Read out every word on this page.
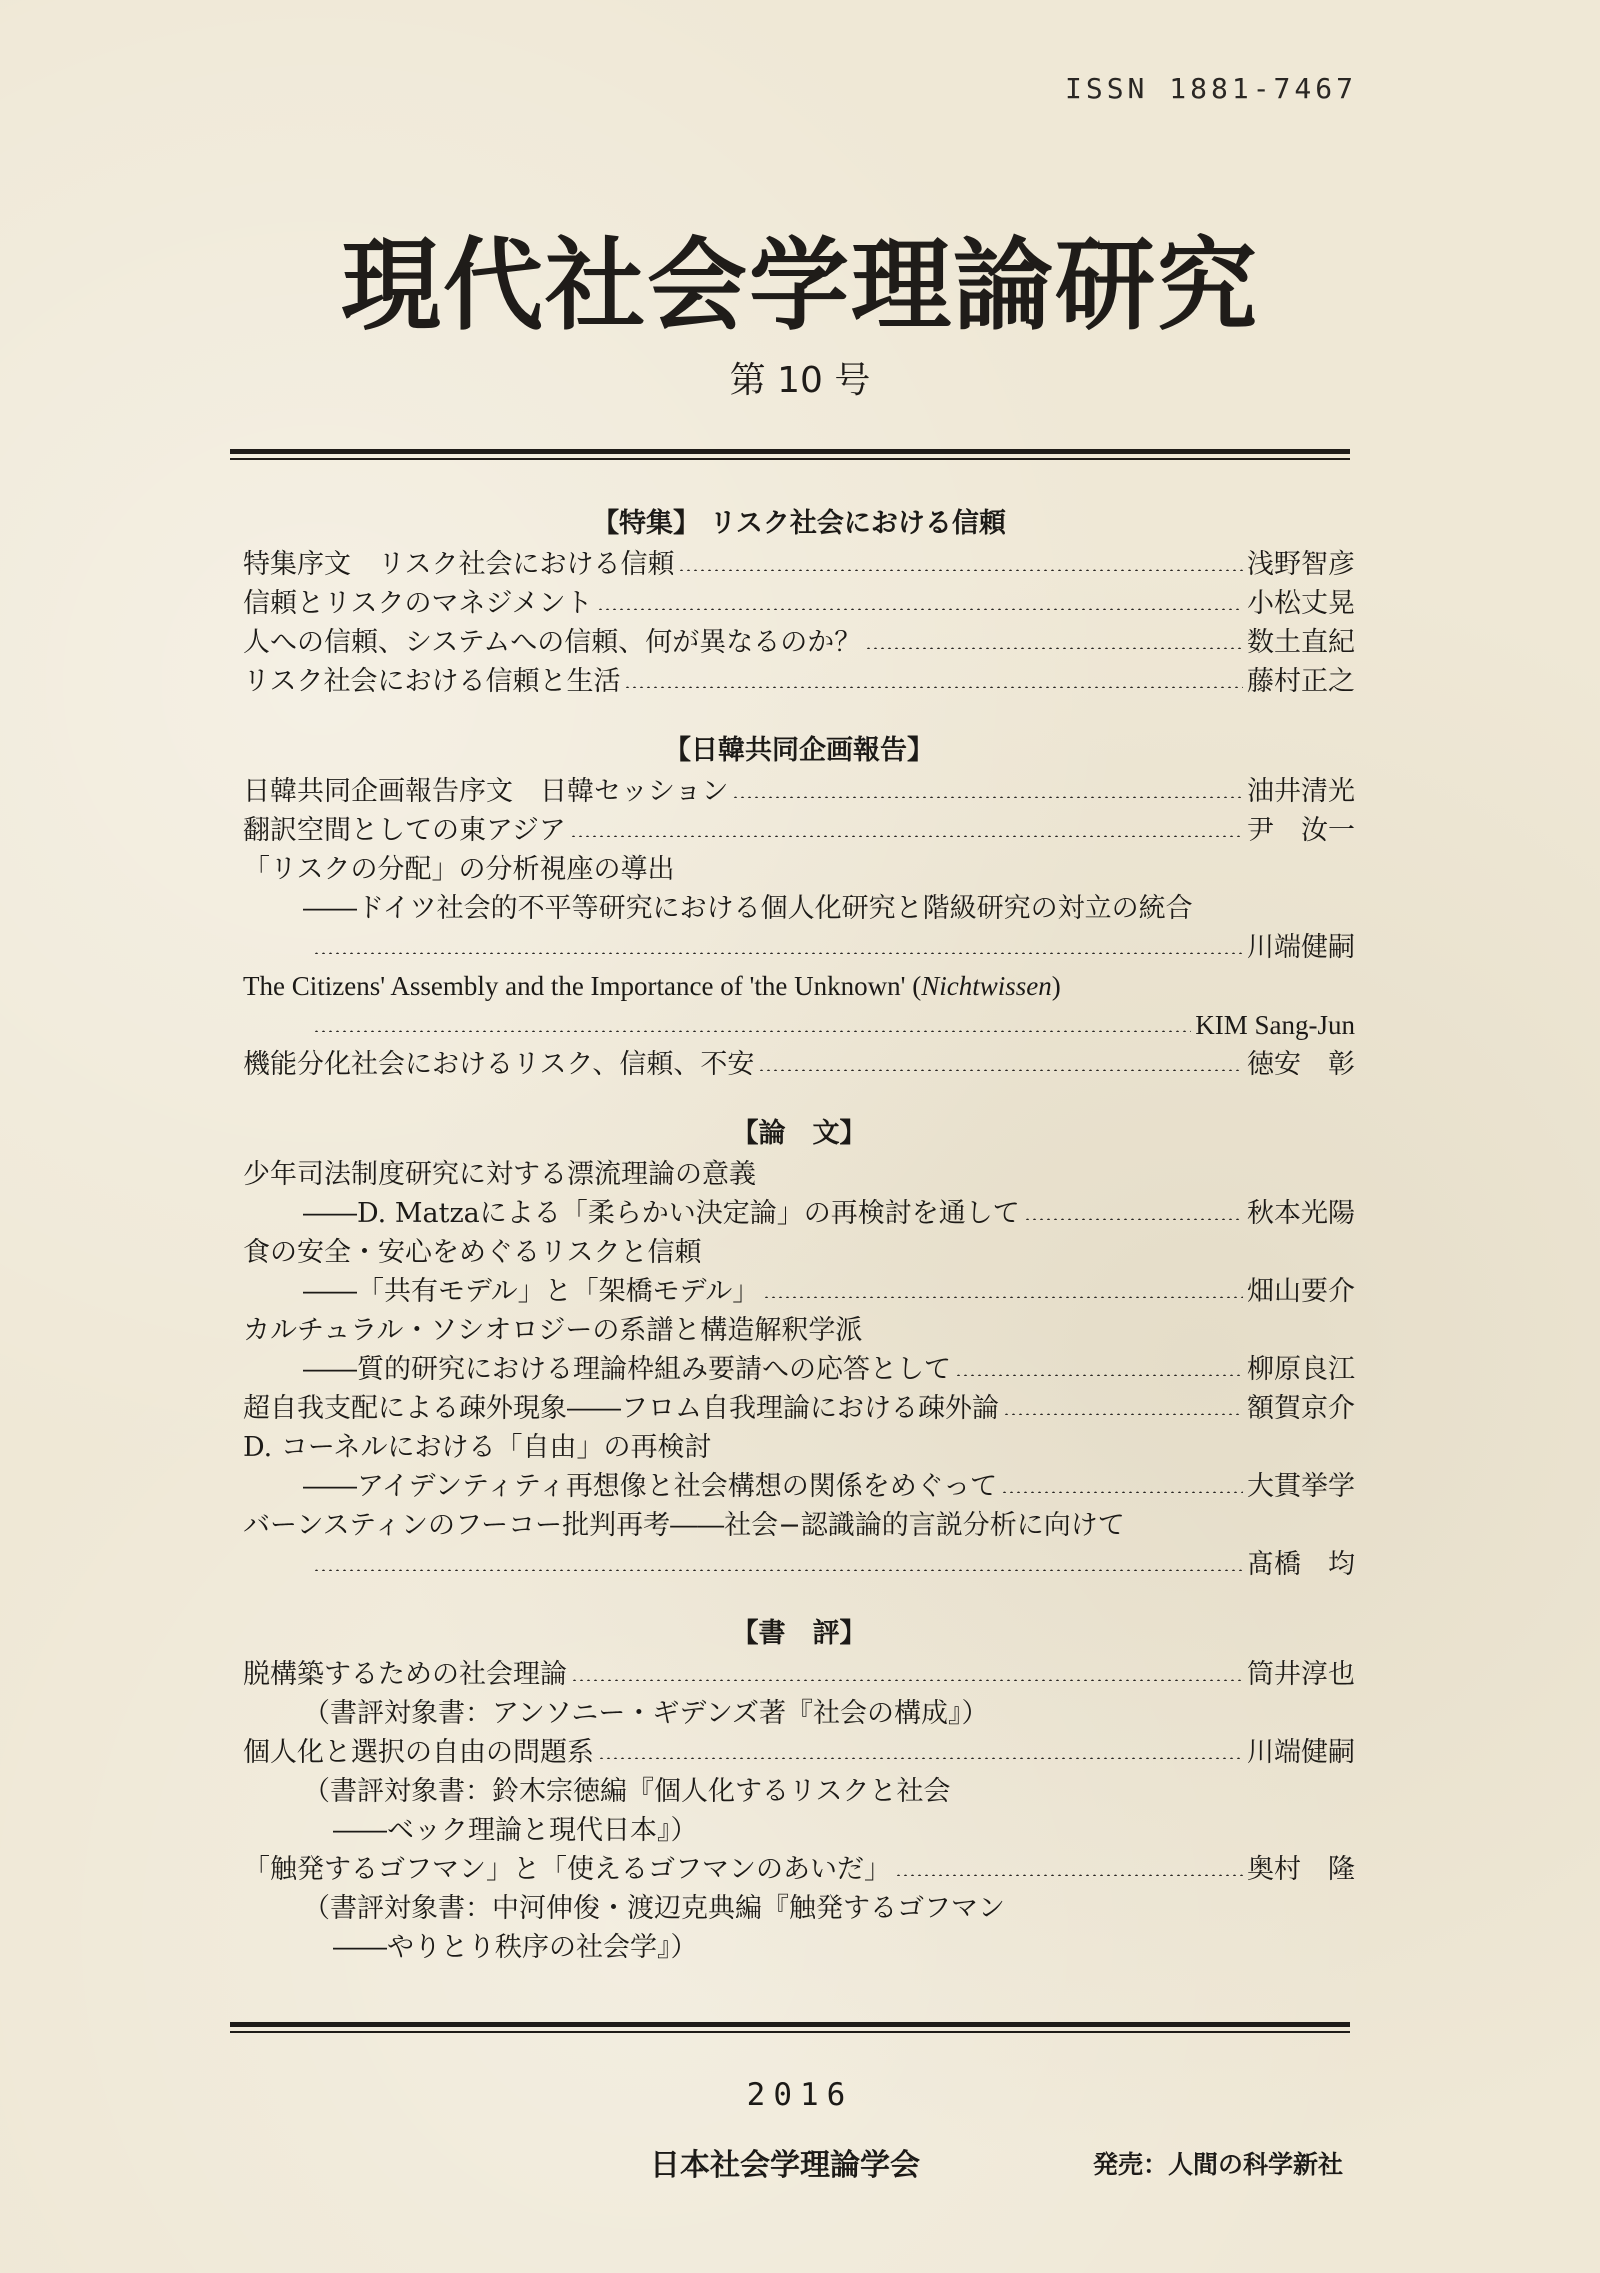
ISSN 1881-7467
現代社会学理論研究
第 10 号
【特集】 リスク社会における信頼
特集序文　リスク社会における信頼	浅野智彦
信頼とリスクのマネジメント	小松丈晃
人への信頼、システムへの信頼、何が異なるのか？	数土直紀
リスク社会における信頼と生活	藤村正之
【日韓共同企画報告】
日韓共同企画報告序文　日韓セッション	油井清光
翻訳空間としての東アジア	尹　汝一
「リスクの分配」の分析視座の導出
――ドイツ社会的不平等研究における個人化研究と階級研究の対立の統合
川端健嗣
The Citizens' Assembly and the Importance of 'the Unknown' (Nichtwissen)
KIM Sang-Jun
機能分化社会におけるリスク、信頼、不安	徳安　彰
【論　文】
少年司法制度研究に対する漂流理論の意義
――D. Matzaによる「柔らかい決定論」の再検討を通して	秋本光陽
食の安全・安心をめぐるリスクと信頼
――「共有モデル」と「架橋モデル」	畑山要介
カルチュラル・ソシオロジーの系譜と構造解釈学派
――質的研究における理論枠組み要請への応答として	柳原良江
超自我支配による疎外現象――フロム自我理論における疎外論	額賀京介
D. コーネルにおける「自由」の再検討
――アイデンティティ再想像と社会構想の関係をめぐって	大貫挙学
バーンスティンのフーコー批判再考――社会−認識論的言説分析に向けて
髙橋　均
【書　評】
脱構築するための社会理論	筒井淳也
（書評対象書：アンソニー・ギデンズ著『社会の構成』）
個人化と選択の自由の問題系	川端健嗣
（書評対象書：鈴木宗徳編『個人化するリスクと社会
――ベック理論と現代日本』）
「触発するゴフマン」と「使えるゴフマンのあいだ」	奥村　隆
（書評対象書：中河伸俊・渡辺克典編『触発するゴフマン
――やりとり秩序の社会学』）
2016
日本社会学理論学会	発売：人間の科学新社
